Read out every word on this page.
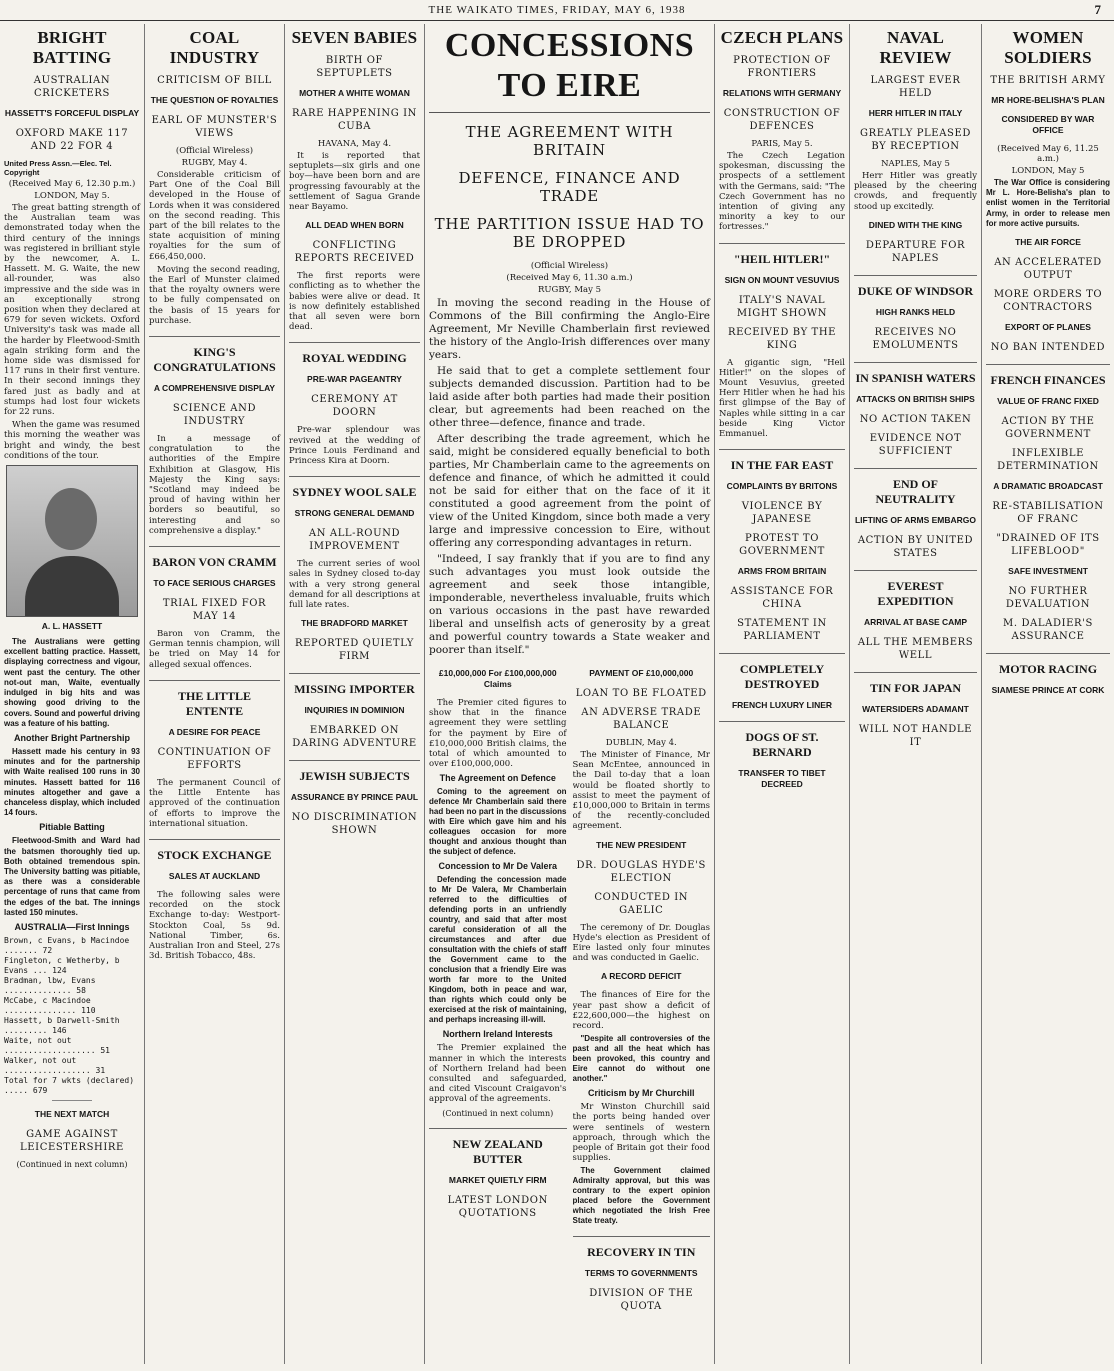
THE WAIKATO TIMES, FRIDAY, MAY 6, 1938	7
BRIGHT BATTING
AUSTRALIAN CRICKETERS
HASSETT'S FORCEFUL DISPLAY
OXFORD MAKE 117 AND 22 FOR 4
United Press Assn.—Elec. Tel. Copyright
(Received May 6, 12.30 p.m.)
LONDON, May 5.

The great batting strength of the Australian team was demonstrated today when the third century of the innings was registered in brilliant style by the newcomer, A. L. Hassett. M. G. Waite, the new all-rounder, was also impressive and the side was in an exceptionally strong position when they declared at 679 for seven wickets. Oxford University's task was made all the harder by Fleetwood-Smith again striking form and the home side was dismissed for 117 runs in their first venture. In their second innings they fared just as badly and at stumps had lost four wickets for 22 runs.

When the game was resumed this morning the weather was bright and windy, the best conditions of the tour.

A. L. HASSETT

The Australians were getting excellent batting practice. Hassett, displaying correctness and vigour, went past the century. The other not-out man, Waite, eventually indulged in big hits and was showing good driving to the covers. Sound and powerful driving was a feature of his batting.

Another Bright Partnership

Hassett made his century in 93 minutes and for the partnership with Waite realised 100 runs in 30 minutes. Hassett batted for 116 minutes altogether and gave a chanceless display, which included 14 fours.

Pitiable Batting

Fleetwood-Smith and Ward had the batsmen thoroughly tied up. Both obtained tremendous spin. The University batting was pitiable, as there was a considerable percentage of runs that came from the edges of the bat. The innings lasted 150 minutes.

AUSTRALIA—First Innings
Brown, c Evans, b Macindoe ....... 72
Fingleton, c Wetherby, b Evans ... 124
Bradman, lbw, Evans .............. 58
McCabe, c Macindoe ............... 110
Hassett, b Darwell-Smith ......... 146
Waite, not out ................... 51
Walker, not out .................. 31
Total for 7 wkts (declared) ..... 679
THE NEXT MATCH
GAME AGAINST LEICESTERSHIRE
(Continued in next column)
COAL INDUSTRY
CRITICISM OF BILL
THE QUESTION OF ROYALTIES
EARL OF MUNSTER'S VIEWS
(Official Wireless)
RUGBY, May 4.

Considerable criticism of Part One of the Coal Bill developed in the House of Lords when it was considered on the second reading. This part of the bill relates to the state acquisition of mining royalties for the sum of £66,450,000.

Moving the second reading, the Earl of Munster claimed that the royalty owners were to be fully compensated on the basis of 15 years for purchase.

KING'S CONGRATULATIONS
A COMPREHENSIVE DISPLAY
SCIENCE AND INDUSTRY

In a message of congratulation to the authorities of the Empire Exhibition at Glasgow, His Majesty the King says: "Scotland may indeed be proud of having within her borders so beautiful, so interesting and so comprehensive a display."

BARON VON CRAMM
TO FACE SERIOUS CHARGES
TRIAL FIXED FOR MAY 14

Baron von Cramm, the German tennis champion, will be tried on May 14 for alleged sexual offences.

THE LITTLE ENTENTE
A DESIRE FOR PEACE
CONTINUATION OF EFFORTS

The permanent Council of the Little Entente has approved of the continuation of efforts to improve the international situation.

STOCK EXCHANGE
SALES AT AUCKLAND

The following sales were recorded on the stock Exchange to-day: Westport-Stockton Coal, 5s 9d. National Timber, 6s. Australian Iron and Steel, 27s 3d. British Tobacco, 48s.

SEVEN BABIES
BIRTH OF SEPTUPLETS
MOTHER A WHITE WOMAN
RARE HAPPENING IN CUBA
HAVANA, May 4.

It is reported that septuplets—six girls and one boy—have been born and are progressing favourably at the settlement of Sagua Grande near Bayamo.

ALL DEAD WHEN BORN
CONFLICTING REPORTS RECEIVED

The first reports were conflicting as to whether the babies were alive or dead. It is now definitely established that all seven were born dead.

ROYAL WEDDING
PRE-WAR PAGEANTRY
CEREMONY AT DOORN

Pre-war splendour was revived at the wedding of Prince Louis Ferdinand and Princess Kira at Doorn.

SYDNEY WOOL SALE
STRONG GENERAL DEMAND
AN ALL-ROUND IMPROVEMENT

The current series of wool sales in Sydney closed to-day with a very strong general demand for all descriptions at full late rates.

THE BRADFORD MARKET
REPORTED QUIETLY FIRM
MISSING IMPORTER
INQUIRIES IN DOMINION
EMBARKED ON DARING ADVENTURE
JEWISH SUBJECTS
ASSURANCE BY PRINCE PAUL
NO DISCRIMINATION SHOWN
CONCESSIONS TO EIRE
THE AGREEMENT WITH BRITAIN
DEFENCE, FINANCE AND TRADE
THE PARTITION ISSUE HAD TO BE DROPPED
(Official Wireless)
(Received May 6, 11.30 a.m.)
RUGBY, May 5

In moving the second reading in the House of Commons of the Bill confirming the Anglo-Eire Agreement, Mr Neville Chamberlain first reviewed the history of the Anglo-Irish differences over many years.

He said that to get a complete settlement four subjects demanded discussion. Partition had to be laid aside after both parties had made their position clear, but agreements had been reached on the other three—defence, finance and trade.

After describing the trade agreement, which he said, might be considered equally beneficial to both parties, Mr Chamberlain came to the agreements on defence and finance, of which he admitted it could not be said for either that on the face of it it constituted a good agreement from the point of view of the United Kingdom, since both made a very large and impressive concession to Eire, without offering any corresponding advantages in return.

"Indeed, I say frankly that if you are to find any such advantages you must look outside the agreement and seek those intangible, imponderable, nevertheless invaluable, fruits which on various occasions in the past have rewarded liberal and unselfish acts of generosity by a great and powerful country towards a State weaker and poorer than itself."

£10,000,000 For £100,000,000 Claims

The Premier cited figures to show that in the finance agreement they were settling for the payment by Eire of £10,000,000 British claims, the total of which amounted to over £100,000,000.

The Agreement on Defence

Coming to the agreement on defence Mr Chamberlain said there had been no part in the discussions with Eire which gave him and his colleagues occasion for more thought and anxious thought than the subject of defence.

Concession to Mr De Valera

Defending the concession made to Mr De Valera, Mr Chamberlain referred to the difficulties of defending ports in an unfriendly country, and said that after most careful consideration of all the circumstances and after due consultation with the chiefs of staff the Government came to the conclusion that a friendly Eire was worth far more to the United Kingdom, both in peace and war, than rights which could only be exercised at the risk of maintaining, and perhaps increasing ill-will.

Northern Ireland Interests

The Premier explained the manner in which the interests of Northern Ireland had been consulted and safeguarded, and cited Viscount Craigavon's approval of the agreements.

(Continued in next column)
NEW ZEALAND BUTTER
MARKET QUIETLY FIRM
LATEST LONDON QUOTATIONS
PAYMENT OF £10,000,000
LOAN TO BE FLOATED
AN ADVERSE TRADE BALANCE
DUBLIN, May 4.

The Minister of Finance, Mr Sean McEntee, announced in the Dail to-day that a loan would be floated shortly to assist to meet the payment of £10,000,000 to Britain in terms of the recently-concluded agreement.

THE NEW PRESIDENT
DR. DOUGLAS HYDE'S ELECTION
CONDUCTED IN GAELIC

The ceremony of Dr. Douglas Hyde's election as President of Eire lasted only four minutes and was conducted in Gaelic.

A RECORD DEFICIT

The finances of Eire for the year past show a deficit of £22,600,000—the highest on record.

"Despite all controversies of the past and all the heat which has been provoked, this country and Eire cannot do without one another."

Criticism by Mr Churchill

Mr Winston Churchill said the ports being handed over were sentinels of western approach, through which the people of Britain got their food supplies.

The Government claimed Admiralty approval, but this was contrary to the expert opinion placed before the Government which negotiated the Irish Free State treaty.

RECOVERY IN TIN
TERMS TO GOVERNMENTS
DIVISION OF THE QUOTA
CZECH PLANS
PROTECTION OF FRONTIERS
RELATIONS WITH GERMANY
CONSTRUCTION OF DEFENCES
PARIS, May 5.

The Czech Legation spokesman, discussing the prospects of a settlement with the Germans, said: "The Czech Government has no intention of giving any minority a key to our fortresses."

"HEIL HITLER!"
SIGN ON MOUNT VESUVIUS
ITALY'S NAVAL MIGHT SHOWN
RECEIVED BY THE KING

A gigantic sign, "Heil Hitler!" on the slopes of Mount Vesuvius, greeted Herr Hitler when he had his first glimpse of the Bay of Naples while sitting in a car beside King Victor Emmanuel.

IN THE FAR EAST
COMPLAINTS BY BRITONS
VIOLENCE BY JAPANESE
PROTEST TO GOVERNMENT
ARMS FROM BRITAIN
ASSISTANCE FOR CHINA
STATEMENT IN PARLIAMENT
COMPLETELY DESTROYED
FRENCH LUXURY LINER
DOGS OF ST. BERNARD
TRANSFER TO TIBET DECREED
NAVAL REVIEW
LARGEST EVER HELD
HERR HITLER IN ITALY
GREATLY PLEASED BY RECEPTION
NAPLES, May 5

Herr Hitler was greatly pleased by the cheering crowds, and frequently stood up excitedly.

DINED WITH THE KING
DEPARTURE FOR NAPLES
DUKE OF WINDSOR
HIGH RANKS HELD
RECEIVES NO EMOLUMENTS
IN SPANISH WATERS
ATTACKS ON BRITISH SHIPS
NO ACTION TAKEN
EVIDENCE NOT SUFFICIENT
END OF NEUTRALITY
LIFTING OF ARMS EMBARGO
ACTION BY UNITED STATES
EVEREST EXPEDITION
ARRIVAL AT BASE CAMP
ALL THE MEMBERS WELL
TIN FOR JAPAN
WATERSIDERS ADAMANT
WILL NOT HANDLE IT
WOMEN SOLDIERS
THE BRITISH ARMY
MR HORE-BELISHA'S PLAN
CONSIDERED BY WAR OFFICE
(Received May 6, 11.25 a.m.)
LONDON, May 5

The War Office is considering Mr L. Hore-Belisha's plan to enlist women in the Territorial Army, in order to release men for more active pursuits.

THE AIR FORCE
AN ACCELERATED OUTPUT
MORE ORDERS TO CONTRACTORS
EXPORT OF PLANES
NO BAN INTENDED
FRENCH FINANCES
VALUE OF FRANC FIXED
ACTION BY THE GOVERNMENT
INFLEXIBLE DETERMINATION
A DRAMATIC BROADCAST
RE-STABILISATION OF FRANC
"DRAINED OF ITS LIFEBLOOD"
SAFE INVESTMENT
NO FURTHER DEVALUATION
M. DALADIER'S ASSURANCE
MOTOR RACING
SIAMESE PRINCE AT CORK
